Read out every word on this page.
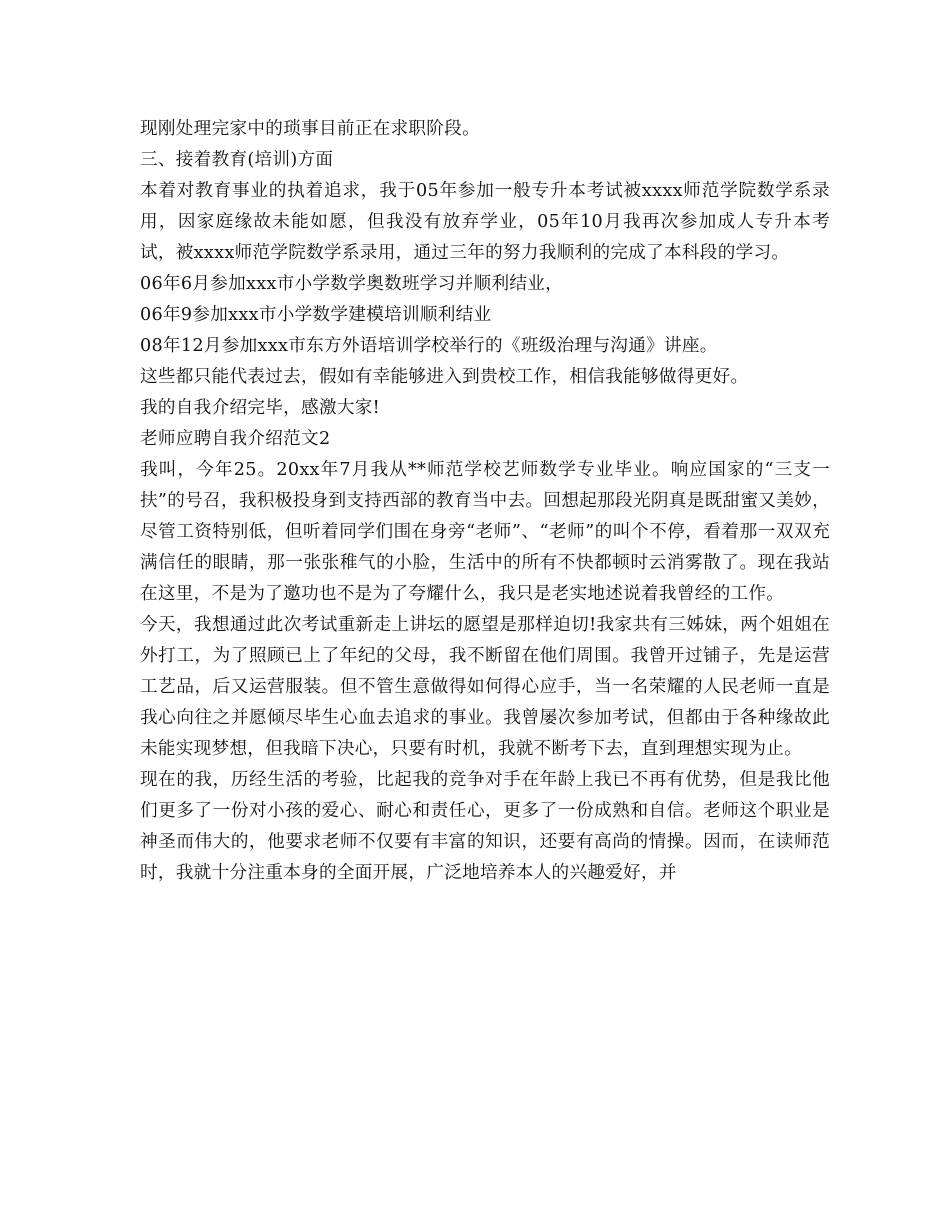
现刚处理完家中的琐事目前正在求职阶段。

三、接着教育(培训)方面

本着对教育事业的执着追求，我于05年参加一般专升本考试被xxxx师范学院数学系录用，因家庭缘故未能如愿，但我没有放弃学业，05年10月我再次参加成人专升本考试，被xxxx师范学院数学系录用，通过三年的努力我顺利的完成了本科段的学习。

06年6月参加xxx市小学数学奥数班学习并顺利结业，

06年9参加xxx市小学数学建模培训顺利结业

08年12月参加xxx市东方外语培训学校举行的《班级治理与沟通》讲座。

这些都只能代表过去，假如有幸能够进入到贵校工作，相信我能够做得更好。

我的自我介绍完毕，感激大家!

老师应聘自我介绍范文2

我叫，今年25。20xx年7月我从**师范学校艺师数学专业毕业。响应国家的“三支一扶”的号召，我积极投身到支持西部的教育当中去。回想起那段光阴真是既甜蜜又美妙，尽管工资特别低，但听着同学们围在身旁“老师”、“老师”的叫个不停，看着那一双双充满信任的眼睛，那一张张稚气的小脸，生活中的所有不快都顿时云消雾散了。现在我站在这里，不是为了邀功也不是为了夸耀什么，我只是老实地述说着我曾经的工作。

今天，我想通过此次考试重新走上讲坛的愿望是那样迫切!我家共有三姊妹，两个姐姐在外打工，为了照顾已上了年纪的父母，我不断留在他们周围。我曾开过铺子，先是运营工艺品，后又运营服装。但不管生意做得如何得心应手，当一名荣耀的人民老师一直是我心向往之并愿倾尽毕生心血去追求的事业。我曾屡次参加考试，但都由于各种缘故此未能实现梦想，但我暗下决心，只要有时机，我就不断考下去，直到理想实现为止。

现在的我，历经生活的考验，比起我的竞争对手在年龄上我已不再有优势，但是我比他们更多了一份对小孩的爱心、耐心和责任心，更多了一份成熟和自信。老师这个职业是神圣而伟大的，他要求老师不仅要有丰富的知识，还要有高尚的情操。因而，在读师范时，我就十分注重本身的全面开展，广泛地培养本人的兴趣爱好，并
